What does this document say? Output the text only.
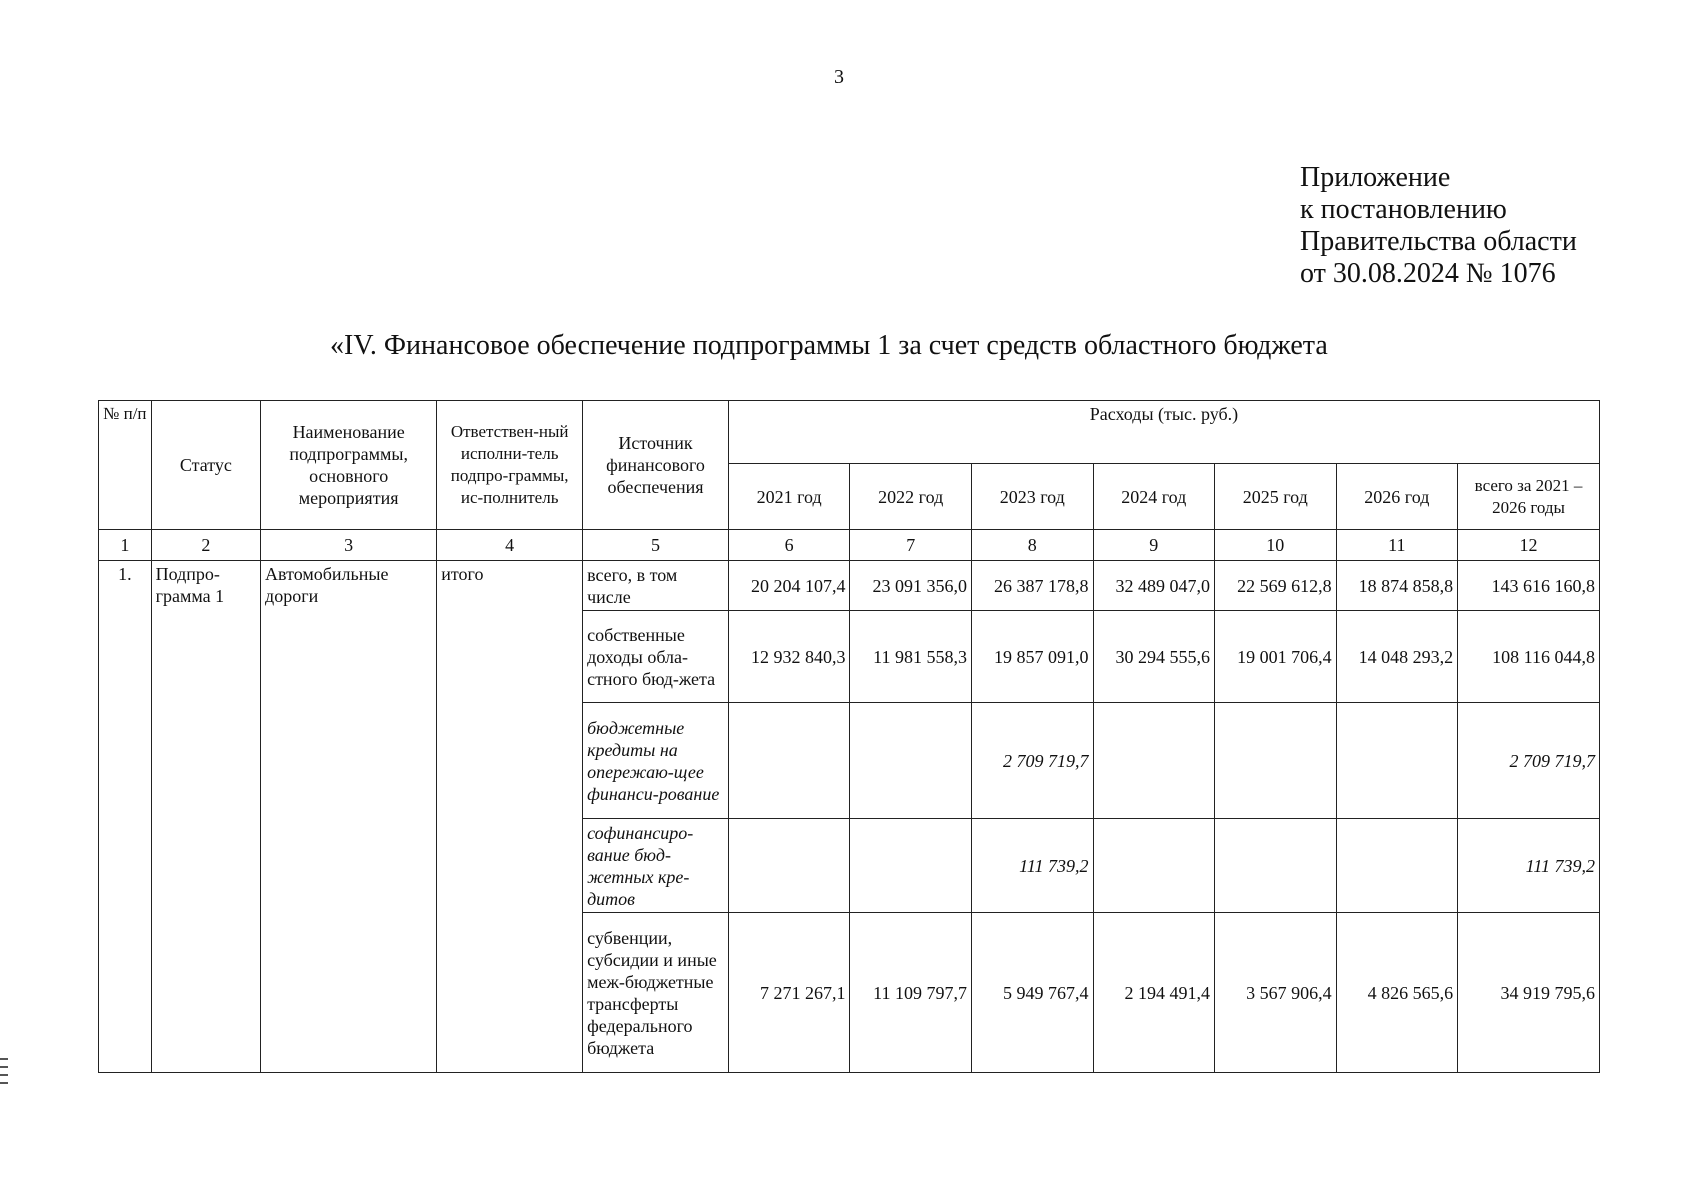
3
Приложение
к постановлению
Правительства области
от 30.08.2024 № 1076
«IV. Финансовое обеспечение подпрограммы 1 за счет средств областного бюджета
№ п/п	Статус	Наименование подпрограммы, основного мероприятия	Ответствен-ный исполни-тель подпро-граммы, ис-полнитель	Источник финансового обеспечения	Расходы (тыс. руб.)						
					2021 год	2022 год	2023 год	2024 год	2025 год	2026 год	всего за 2021 – 2026 годы
1	2	3	4	5	6	7	8	9	10	11	12
1.	Подпро-грамма 1	Автомобильные дороги	итого	всего, в том числе	20 204 107,4	23 091 356,0	26 387 178,8	32 489 047,0	22 569 612,8	18 874 858,8	143 616 160,8
				собственные доходы обла-стного бюд-жета	12 932 840,3	11 981 558,3	19 857 091,0	30 294 555,6	19 001 706,4	14 048 293,2	108 116 044,8
				бюджетные кредиты на опережаю-щее финанси-рование			2 709 719,7				2 709 719,7
				софинансиро-вание бюд-жетных кре-дитов			111 739,2				111 739,2
				субвенции, субсидии и иные меж-бюджетные трансферты федерального бюджета	7 271 267,1	11 109 797,7	5 949 767,4	2 194 491,4	3 567 906,4	4 826 565,6	34 919 795,6
